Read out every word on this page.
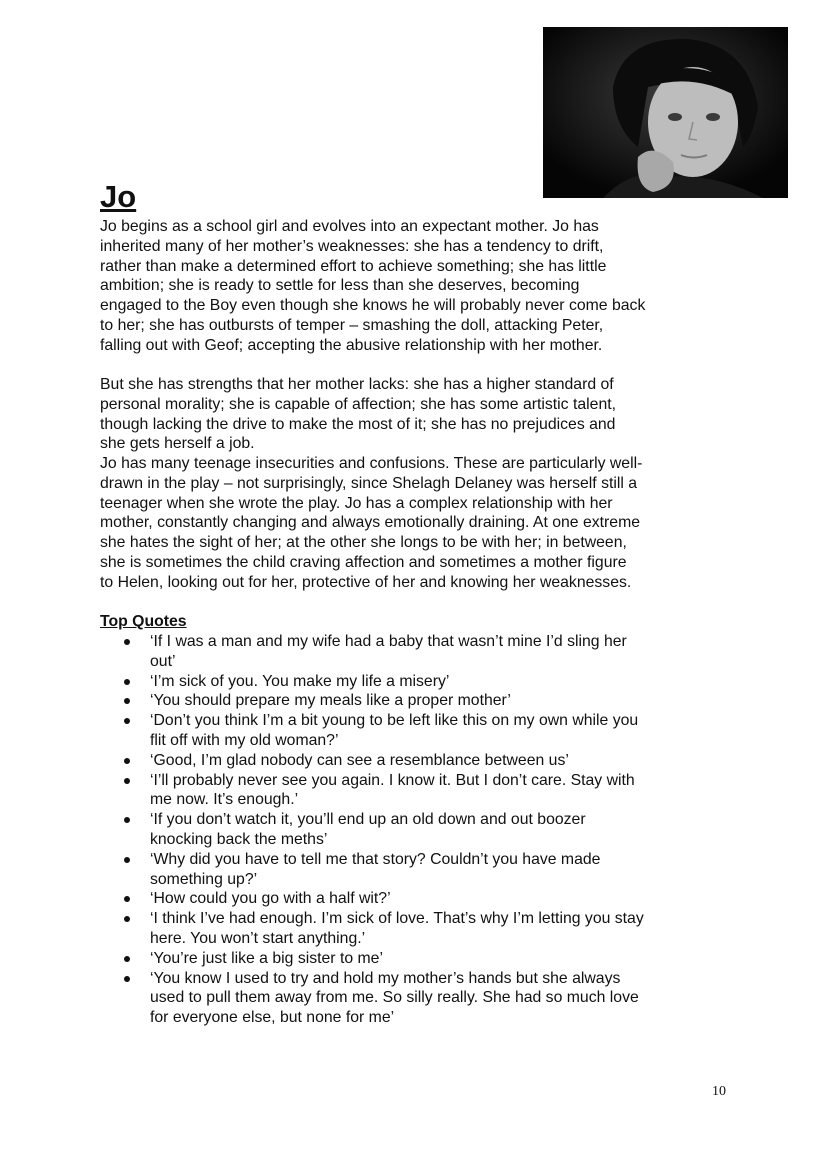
Jo

Jo begins as a school girl and evolves into an expectant mother. Jo has
inherited many of her mother’s weaknesses: she has a tendency to drift,
rather than make a determined effort to achieve something; she has little
ambition; she is ready to settle for less than she deserves, becoming
engaged to the Boy even though she knows he will probably never come back
to her; she has outbursts of temper – smashing the doll, attacking Peter,
falling out with Geof; accepting the abusive relationship with her mother.

But she has strengths that her mother lacks: she has a higher standard of
personal morality; she is capable of affection; she has some artistic talent,
though lacking the drive to make the most of it; she has no prejudices and
she gets herself a job.

Jo has many teenage insecurities and confusions. These are particularly well-
drawn in the play – not surprisingly, since Shelagh Delaney was herself still a
teenager when she wrote the play. Jo has a complex relationship with her
mother, constantly changing and always emotionally draining. At one extreme
she hates the sight of her; at the other she longs to be with her; in between,
she is sometimes the child craving affection and sometimes a mother figure
to Helen, looking out for her, protective of her and knowing her weaknesses.

Top Quotes
‘If I was a man and my wife had a baby that wasn’t mine I’d sling her
out’
‘I’m sick of you. You make my life a misery’
‘You should prepare my meals like a proper mother’
‘Don’t you think I’m a bit young to be left like this on my own while you
flit off with my old woman?’
‘Good, I’m glad nobody can see a resemblance between us’
‘I’ll probably never see you again. I know it. But I don’t care. Stay with
me now. It’s enough.’
‘If you don’t watch it, you’ll end up an old down and out boozer
knocking back the meths’
‘Why did you have to tell me that story? Couldn’t you have made
something up?’
‘How could you go with a half wit?’
‘I think I’ve had enough. I’m sick of love. That’s why I’m letting you stay
here. You won’t start anything.’
‘You’re just like a big sister to me’
‘You know I used to try and hold my mother’s hands but she always
used to pull them away from me. So silly really. She had so much love
for everyone else, but none for me’
10
